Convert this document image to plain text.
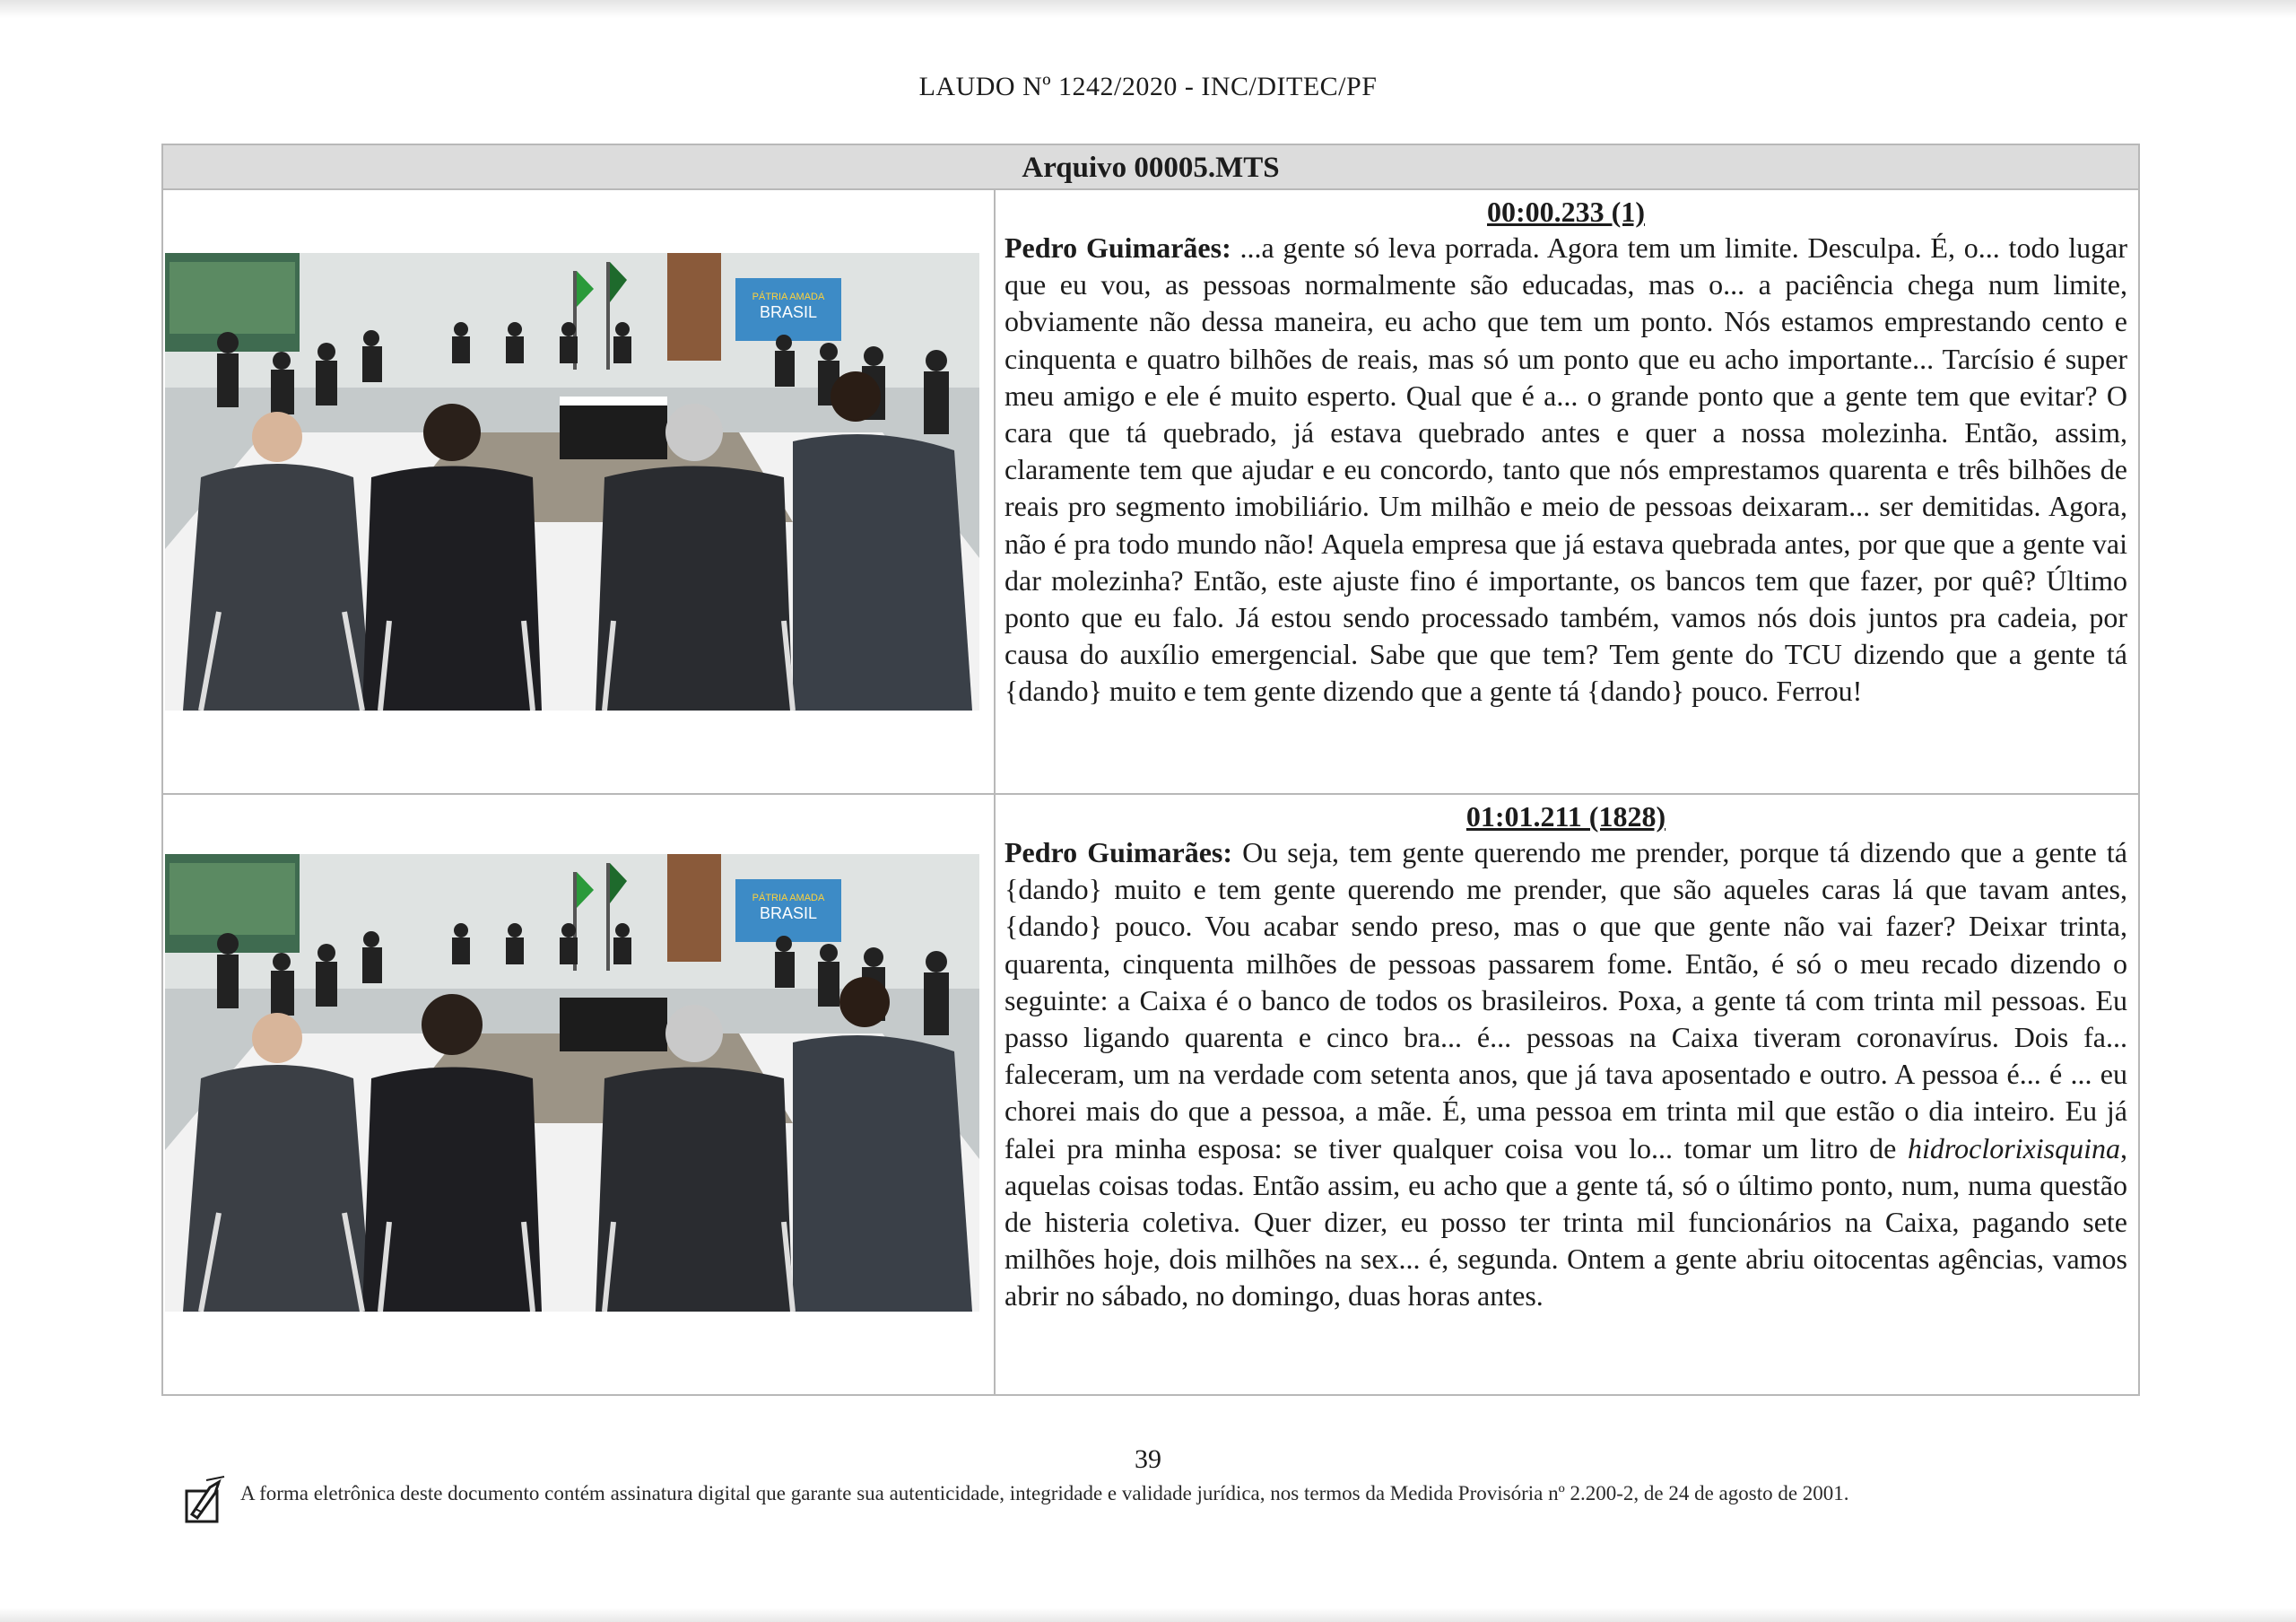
LAUDO Nº 1242/2020 - INC/DITEC/PF
Arquivo 00005.MTS
PÁTRIA AMADA
BRASIL
00:00.233 (1)

Pedro Guimarães: ...a gente só leva porrada. Agora tem um limite. Desculpa. É, o... todo lugar que eu vou, as pessoas normalmente são educadas, mas o... a paciência chega num limite, obviamente não dessa maneira, eu acho que tem um ponto. Nós estamos emprestando cento e cinquenta e quatro bilhões de reais, mas só um ponto que eu acho importante... Tarcísio é super meu amigo e ele é muito esperto. Qual que é a... o grande ponto que a gente tem que evitar? O cara que tá quebrado, já estava quebrado antes e quer a nossa molezinha. Então, assim, claramente tem que ajudar e eu concordo, tanto que nós emprestamos quarenta e três bilhões de reais pro segmento imobiliário. Um milhão e meio de pessoas deixaram... ser demitidas. Agora, não é pra todo mundo não! Aquela empresa que já estava quebrada antes, por que que a gente vai dar molezinha? Então, este ajuste fino é importante, os bancos tem que fazer, por quê? Último ponto que eu falo. Já estou sendo processado também, vamos nós dois juntos pra cadeia, por causa do auxílio emergencial. Sabe que que tem? Tem gente do TCU dizendo que a gente tá {dando} muito e tem gente dizendo que a gente tá {dando} pouco. Ferrou!

PÁTRIA AMADA
BRASIL
01:01.211 (1828)

Pedro Guimarães: Ou seja, tem gente querendo me prender, porque tá dizendo que a gente tá {dando} muito e tem gente querendo me prender, que são aqueles caras lá que tavam antes, {dando} pouco. Vou acabar sendo preso, mas o que que gente não vai fazer? Deixar trinta, quarenta, cinquenta milhões de pessoas passarem fome. Então, é só o meu recado dizendo o seguinte: a Caixa é o banco de todos os brasileiros. Poxa, a gente tá com trinta mil pessoas. Eu passo ligando quarenta e cinco bra... é... pessoas na Caixa tiveram coronavírus. Dois fa... faleceram, um na verdade com setenta anos, que já tava aposentado e outro. A pessoa é... é ... eu chorei mais do que a pessoa, a mãe. É, uma pessoa em trinta mil que estão o dia inteiro. Eu já falei pra minha esposa: se tiver qualquer coisa vou lo... tomar um litro de hidroclorixisquina, aquelas coisas todas. Então assim, eu acho que a gente tá, só o último ponto, num, numa questão de histeria coletiva. Quer dizer, eu posso ter trinta mil funcionários na Caixa, pagando sete milhões hoje, dois milhões na sex... é, segunda. Ontem a gente abriu oitocentas agências, vamos abrir no sábado, no domingo, duas horas antes.

39
A forma eletrônica deste documento contém assinatura digital que garante sua autenticidade, integridade e validade jurídica, nos termos da Medida Provisória nº 2.200-2, de 24 de agosto de 2001.
